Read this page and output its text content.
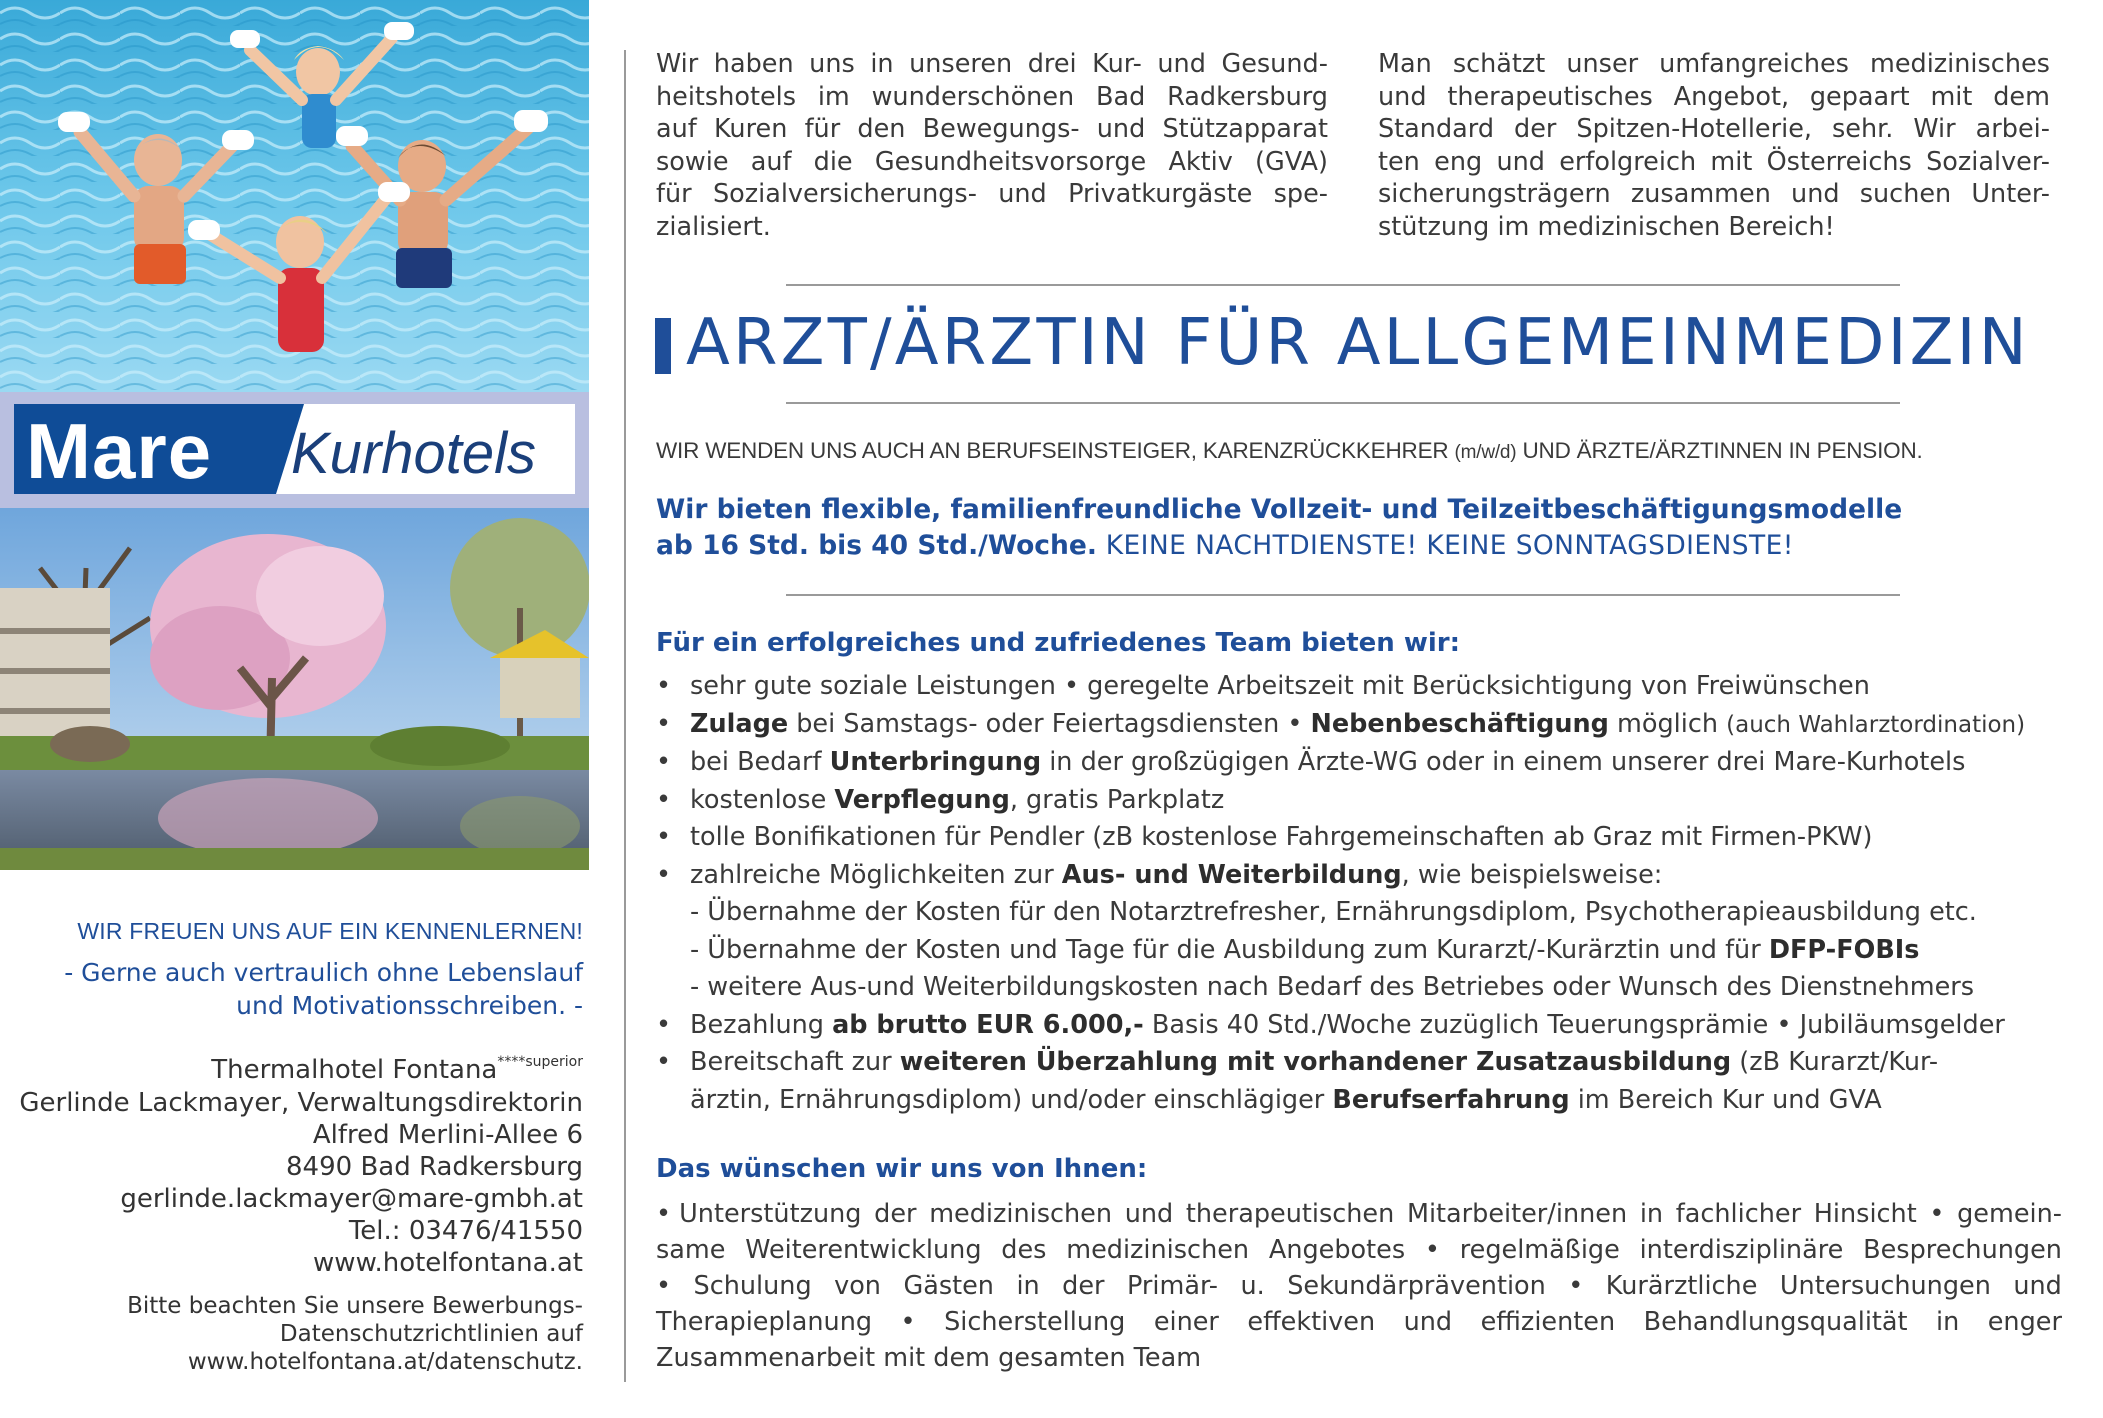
Mare Kurhotels
WIR FREUEN UNS AUF EIN KENNENLERNEN!
- Gerne auch vertraulich ohne Lebenslauf
und Motivationsschreiben. -
Thermalhotel Fontana$^{****superior}$
Gerlinde Lackmayer, Verwaltungsdirektorin
Alfred Merlini-Allee 6
8490 Bad Radkersburg
gerlinde.lackmayer@mare-gmbh.at
Tel.: 03476/41550
www.hotelfontana.at
Bitte beachten Sie unsere Bewerbungs-
Datenschutzrichtlinien auf
www.hotelfontana.at/datenschutz.
Wir haben uns in unseren drei Kur- und Gesund-
heitshotels im wunderschönen Bad Radkersburg
auf Kuren für den Bewegungs- und Stützapparat
sowie auf die Gesundheitsvorsorge Aktiv (GVA)
für Sozialversicherungs- und Privatkurgäste spe-
zialisiert.
Man schätzt unser umfangreiches medizinisches
und therapeutisches Angebot, gepaart mit dem
Standard der Spitzen-Hotellerie, sehr. Wir arbei-
ten eng und erfolgreich mit Österreichs Sozialver-
sicherungsträgern zusammen und suchen Unter-
stützung im medizinischen Bereich!
ARZT/ÄRZTIN FÜR ALLGEMEINMEDIZIN
WIR WENDEN UNS AUCH AN BERUFSEINSTEIGER, KARENZRÜCKKEHRER (m/w/d) UND ÄRZTE/ÄRZTINNEN IN PENSION.
Wir bieten flexible, familienfreundliche Vollzeit- und Teilzeitbeschäftigungsmodelle
ab 16 Std. bis 40 Std./Woche. KEINE NACHTDIENSTE! KEINE SONNTAGSDIENSTE!
Für ein erfolgreiches und zufriedenes Team bieten wir:
• sehr gute soziale Leistungen • geregelte Arbeitszeit mit Berücksichtigung von Freiwünschen
• Zulage bei Samstags- oder Feiertagsdiensten • Nebenbeschäftigung möglich (auch Wahlarztordination)
• bei Bedarf Unterbringung in der großzügigen Ärzte-WG oder in einem unserer drei Mare-Kurhotels
• kostenlose Verpflegung, gratis Parkplatz
• tolle Bonifikationen für Pendler (zB kostenlose Fahrgemeinschaften ab Graz mit Firmen-PKW)
• zahlreiche Möglichkeiten zur Aus- und Weiterbildung, wie beispielsweise:
- Übernahme der Kosten für den Notarztrefresher, Ernährungsdiplom, Psychotherapieausbildung etc.
- Übernahme der Kosten und Tage für die Ausbildung zum Kurarzt/-Kurärztin und für DFP-FOBIs
- weitere Aus-und Weiterbildungskosten nach Bedarf des Betriebes oder Wunsch des Dienstnehmers
• Bezahlung ab brutto EUR 6.000,- Basis 40 Std./Woche zuzüglich Teuerungsprämie • Jubiläumsgelder
• Bereitschaft zur weiteren Überzahlung mit vorhandener Zusatzausbildung (zB Kurarzt/Kur-
ärztin, Ernährungsdiplom) und/oder einschlägiger Berufserfahrung im Bereich Kur und GVA
Das wünschen wir uns von Ihnen:
• Unterstützung der medizinischen und therapeutischen Mitarbeiter/innen in fachlicher Hinsicht • gemein-
same Weiterentwicklung des medizinischen Angebotes • regelmäßige interdisziplinäre Besprechungen
• Schulung von Gästen in der Primär- u. Sekundärprävention • Kurärztliche Untersuchungen und
Therapieplanung • Sicherstellung einer effektiven und effizienten Behandlungsqualität in enger
Zusammenarbeit mit dem gesamten Team
